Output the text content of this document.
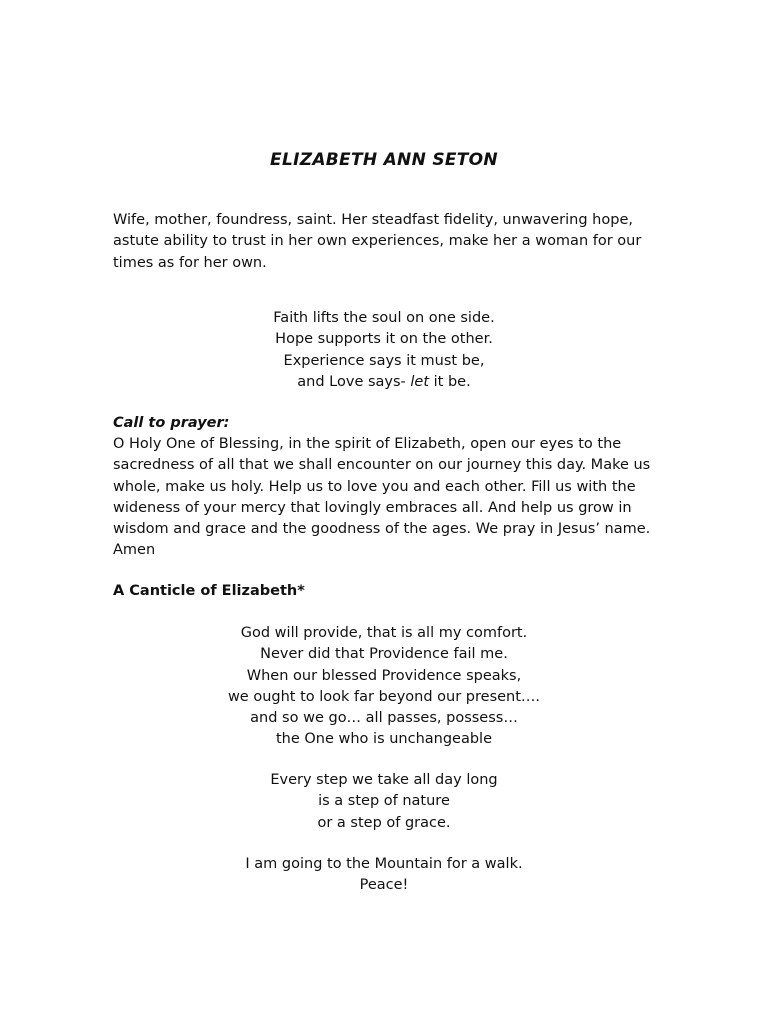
ELIZABETH ANN SETON
Wife, mother, foundress, saint. Her steadfast fidelity, unwavering hope,
astute ability to trust in her own experiences, make her a woman for our
times as for her own.
Faith lifts the soul on one side.
Hope supports it on the other.
Experience says it must be,
and Love says- let it be.
Call to prayer:
O Holy One of Blessing, in the spirit of Elizabeth, open our eyes to the
sacredness of all that we shall encounter on our journey this day. Make us
whole, make us holy. Help us to love you and each other. Fill us with the
wideness of your mercy that lovingly embraces all. And help us grow in
wisdom and grace and the goodness of the ages. We pray in Jesus’ name.
Amen
A Canticle of Elizabeth*
God will provide, that is all my comfort.
Never did that Providence fail me.
When our blessed Providence speaks,
we ought to look far beyond our present….
and so we go… all passes, possess…
the One who is unchangeable
Every step we take all day long
is a step of nature
or a step of grace.
I am going to the Mountain for a walk.
Peace!
